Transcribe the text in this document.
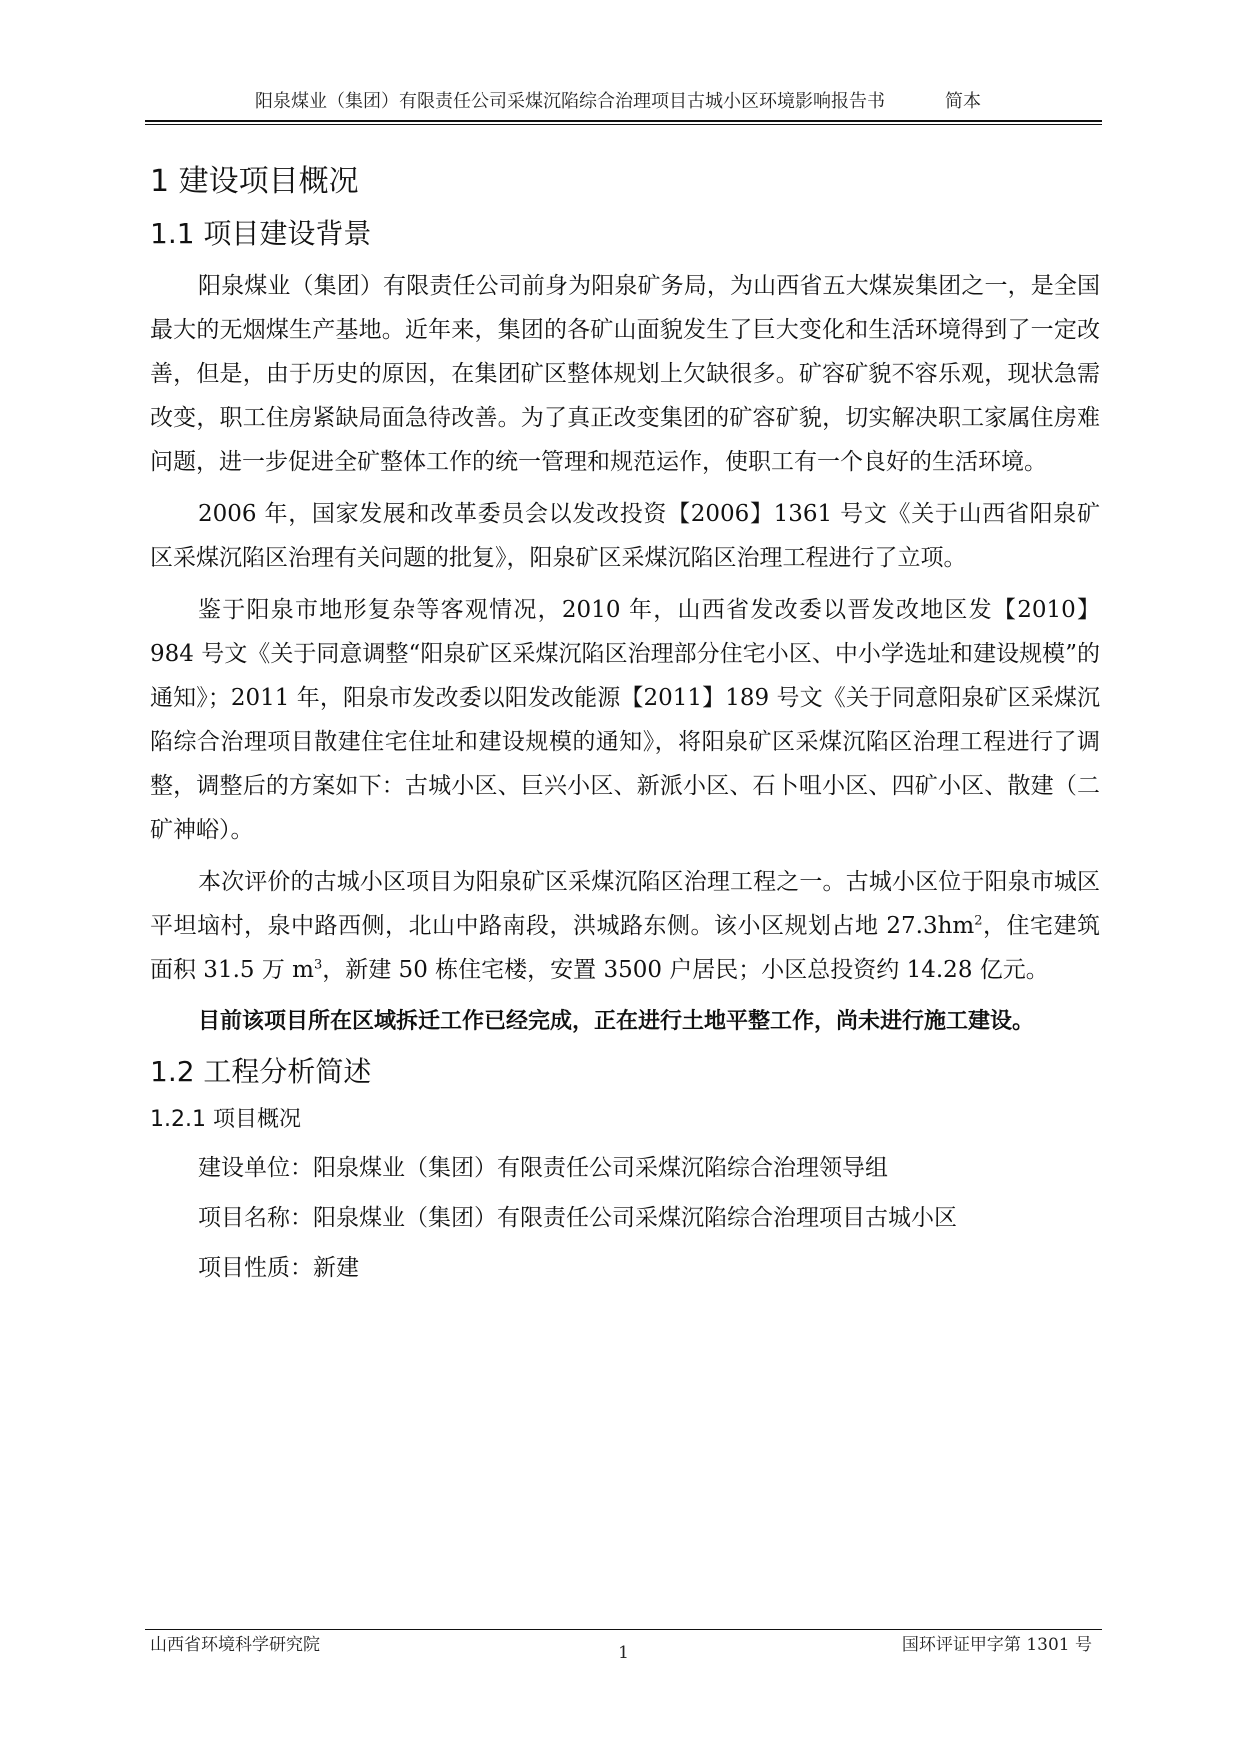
阳泉煤业（集团）有限责任公司采煤沉陷综合治理项目古城小区环境影响报告书	简本
1 建设项目概况
1.1 项目建设背景

阳泉煤业（集团）有限责任公司前身为阳泉矿务局，为山西省五大煤炭集团之一，是全国最大的无烟煤生产基地。近年来，集团的各矿山面貌发生了巨大变化和生活环境得到了一定改善，但是，由于历史的原因，在集团矿区整体规划上欠缺很多。矿容矿貌不容乐观，现状急需改变，职工住房紧缺局面急待改善。为了真正改变集团的矿容矿貌，切实解决职工家属住房难问题，进一步促进全矿整体工作的统一管理和规范运作，使职工有一个良好的生活环境。

2006 年，国家发展和改革委员会以发改投资【2006】1361 号文《关于山西省阳泉矿区采煤沉陷区治理有关问题的批复》，阳泉矿区采煤沉陷区治理工程进行了立项。

鉴于阳泉市地形复杂等客观情况，2010 年，山西省发改委以晋发改地区发【2010】984 号文《关于同意调整“阳泉矿区采煤沉陷区治理部分住宅小区、中小学选址和建设规模”的通知》；2011 年，阳泉市发改委以阳发改能源【2011】189 号文《关于同意阳泉矿区采煤沉陷综合治理项目散建住宅住址和建设规模的通知》，将阳泉矿区采煤沉陷区治理工程进行了调整，调整后的方案如下：古城小区、巨兴小区、新派小区、石卜咀小区、四矿小区、散建（二矿神峪）。

本次评价的古城小区项目为阳泉矿区采煤沉陷区治理工程之一。古城小区位于阳泉市城区平坦垴村，泉中路西侧，北山中路南段，洪城路东侧。该小区规划占地 $27.3hm^2$，住宅建筑面积 31.5 万 $m^3$，新建 50 栋住宅楼，安置 3500 户居民；小区总投资约 14.28 亿元。

目前该项目所在区域拆迁工作已经完成，正在进行土地平整工作，尚未进行施工建设。

1.2 工程分析简述
1.2.1 项目概况

建设单位：阳泉煤业（集团）有限责任公司采煤沉陷综合治理领导组

项目名称：阳泉煤业（集团）有限责任公司采煤沉陷综合治理项目古城小区

项目性质：新建

山西省环境科学研究院	1	国环评证甲字第 1301 号
